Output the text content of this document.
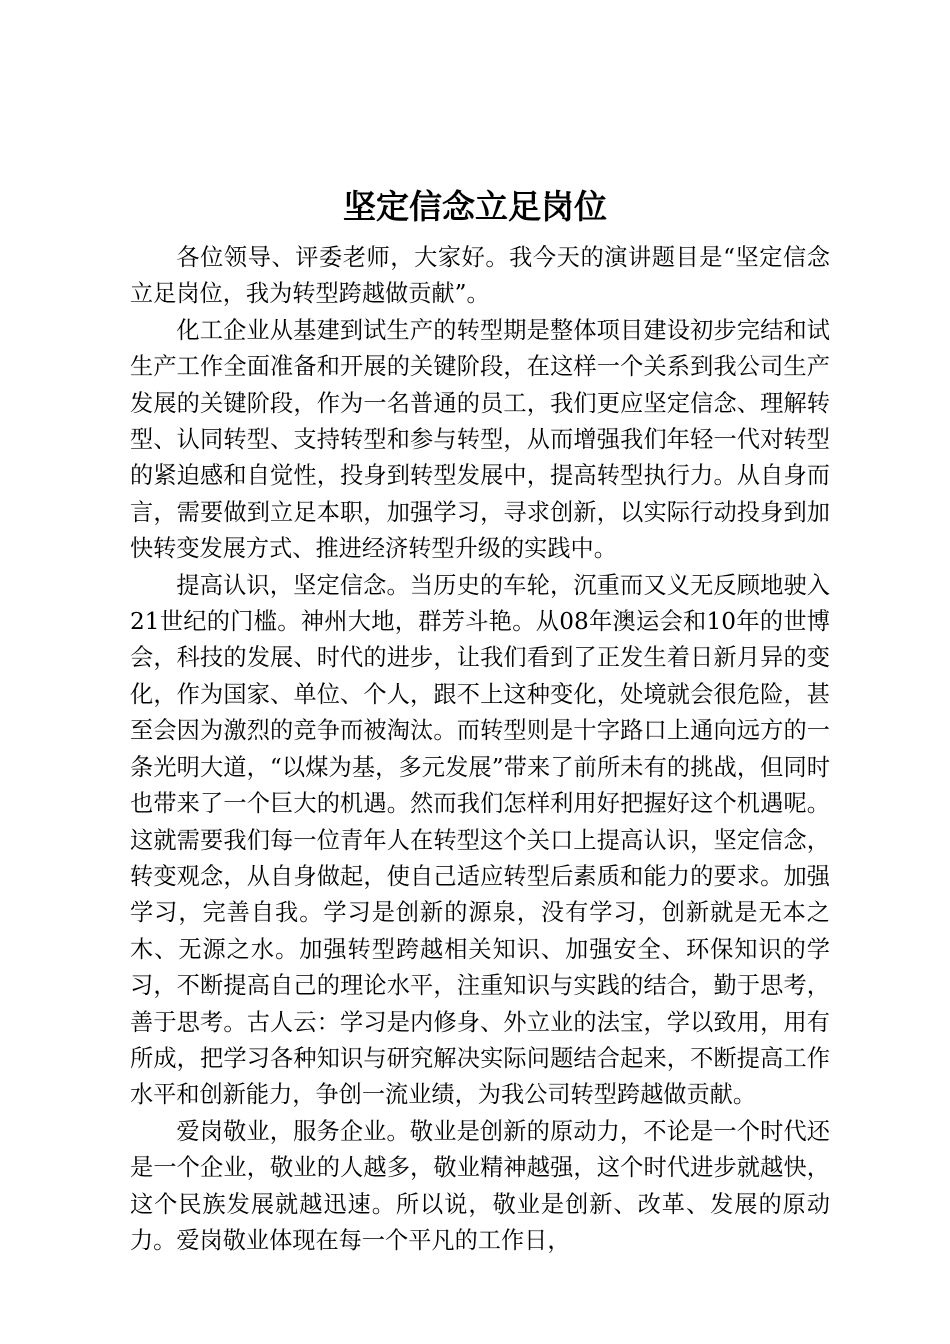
坚定信念立足岗位

各位领导、评委老师，大家好。我今天的演讲题目是“坚定信念立足岗位，我为转型跨越做贡献”。

化工企业从基建到试生产的转型期是整体项目建设初步完结和试生产工作全面准备和开展的关键阶段，在这样一个关系到我公司生产发展的关键阶段，作为一名普通的员工，我们更应坚定信念、理解转型、认同转型、支持转型和参与转型，从而增强我们年轻一代对转型的紧迫感和自觉性，投身到转型发展中，提高转型执行力。从自身而言，需要做到立足本职，加强学习，寻求创新，以实际行动投身到加快转变发展方式、推进经济转型升级的实践中。

提高认识，坚定信念。当历史的车轮，沉重而又义无反顾地驶入21世纪的门槛。神州大地，群芳斗艳。从08年澳运会和10年的世博会，科技的发展、时代的进步，让我们看到了正发生着日新月异的变化，作为国家、单位、个人，跟不上这种变化，处境就会很危险，甚至会因为激烈的竞争而被淘汰。而转型则是十字路口上通向远方的一条光明大道，“以煤为基，多元发展”带来了前所未有的挑战，但同时也带来了一个巨大的机遇。然而我们怎样利用好把握好这个机遇呢。这就需要我们每一位青年人在转型这个关口上提高认识，坚定信念，转变观念，从自身做起，使自己适应转型后素质和能力的要求。加强学习，完善自我。学习是创新的源泉，没有学习，创新就是无本之木、无源之水。加强转型跨越相关知识、加强安全、环保知识的学习，不断提高自己的理论水平，注重知识与实践的结合，勤于思考，善于思考。古人云：学习是内修身、外立业的法宝，学以致用，用有所成，把学习各种知识与研究解决实际问题结合起来，不断提高工作水平和创新能力，争创一流业绩，为我公司转型跨越做贡献。

爱岗敬业，服务企业。敬业是创新的原动力，不论是一个时代还是一个企业，敬业的人越多，敬业精神越强，这个时代进步就越快，这个民族发展就越迅速。所以说，敬业是创新、改革、发展的原动力。爱岗敬业体现在每一个平凡的工作日，
